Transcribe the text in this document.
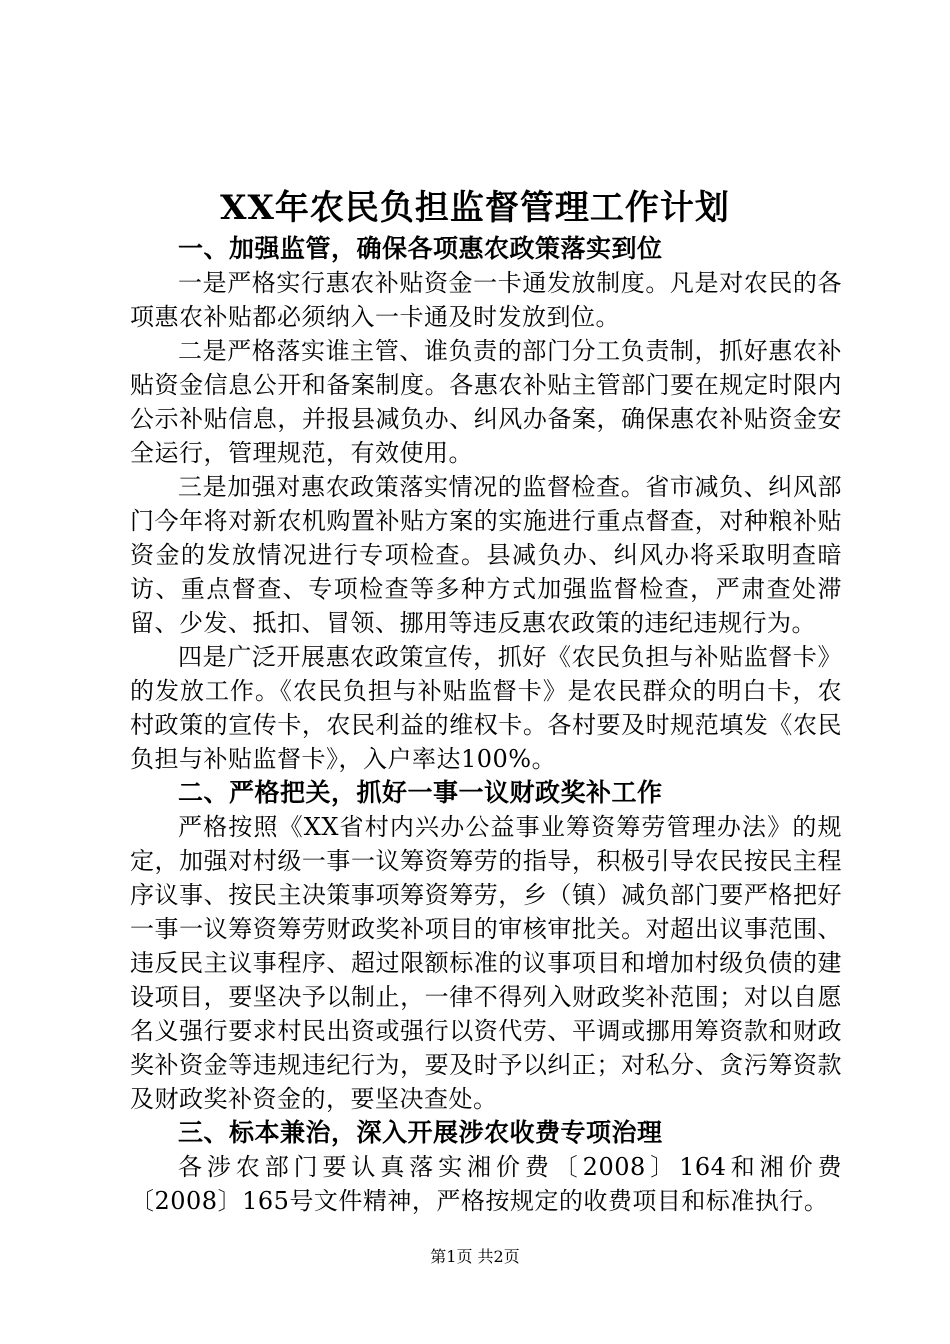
XX年农民负担监督管理工作计划

一、加强监管，确保各项惠农政策落实到位

一是严格实行惠农补贴资金一卡通发放制度。凡是对农民的各项惠农补贴都必须纳入一卡通及时发放到位。

二是严格落实谁主管、谁负责的部门分工负责制，抓好惠农补贴资金信息公开和备案制度。各惠农补贴主管部门要在规定时限内公示补贴信息，并报县减负办、纠风办备案，确保惠农补贴资金安全运行，管理规范，有效使用。

三是加强对惠农政策落实情况的监督检查。省市减负、纠风部门今年将对新农机购置补贴方案的实施进行重点督查，对种粮补贴资金的发放情况进行专项检查。县减负办、纠风办将采取明查暗访、重点督查、专项检查等多种方式加强监督检查，严肃查处滞留、少发、抵扣、冒领、挪用等违反惠农政策的违纪违规行为。

四是广泛开展惠农政策宣传，抓好《农民负担与补贴监督卡》的发放工作。《农民负担与补贴监督卡》是农民群众的明白卡，农村政策的宣传卡，农民利益的维权卡。各村要及时规范填发《农民负担与补贴监督卡》，入户率达100%。

二、严格把关，抓好一事一议财政奖补工作

严格按照《XX省村内兴办公益事业筹资筹劳管理办法》的规定，加强对村级一事一议筹资筹劳的指导，积极引导农民按民主程序议事、按民主决策事项筹资筹劳，乡（镇）减负部门要严格把好一事一议筹资筹劳财政奖补项目的审核审批关。对超出议事范围、违反民主议事程序、超过限额标准的议事项目和增加村级负债的建设项目，要坚决予以制止，一律不得列入财政奖补范围；对以自愿名义强行要求村民出资或强行以资代劳、平调或挪用筹资款和财政奖补资金等违规违纪行为，要及时予以纠正；对私分、贪污筹资款及财政奖补资金的，要坚决查处。

三、标本兼治，深入开展涉农收费专项治理

各涉农部门要认真落实湘价费〔2008〕164和湘价费〔2008〕165号文件精神，严格按规定的收费项目和标准执行。

第1页 共2页
